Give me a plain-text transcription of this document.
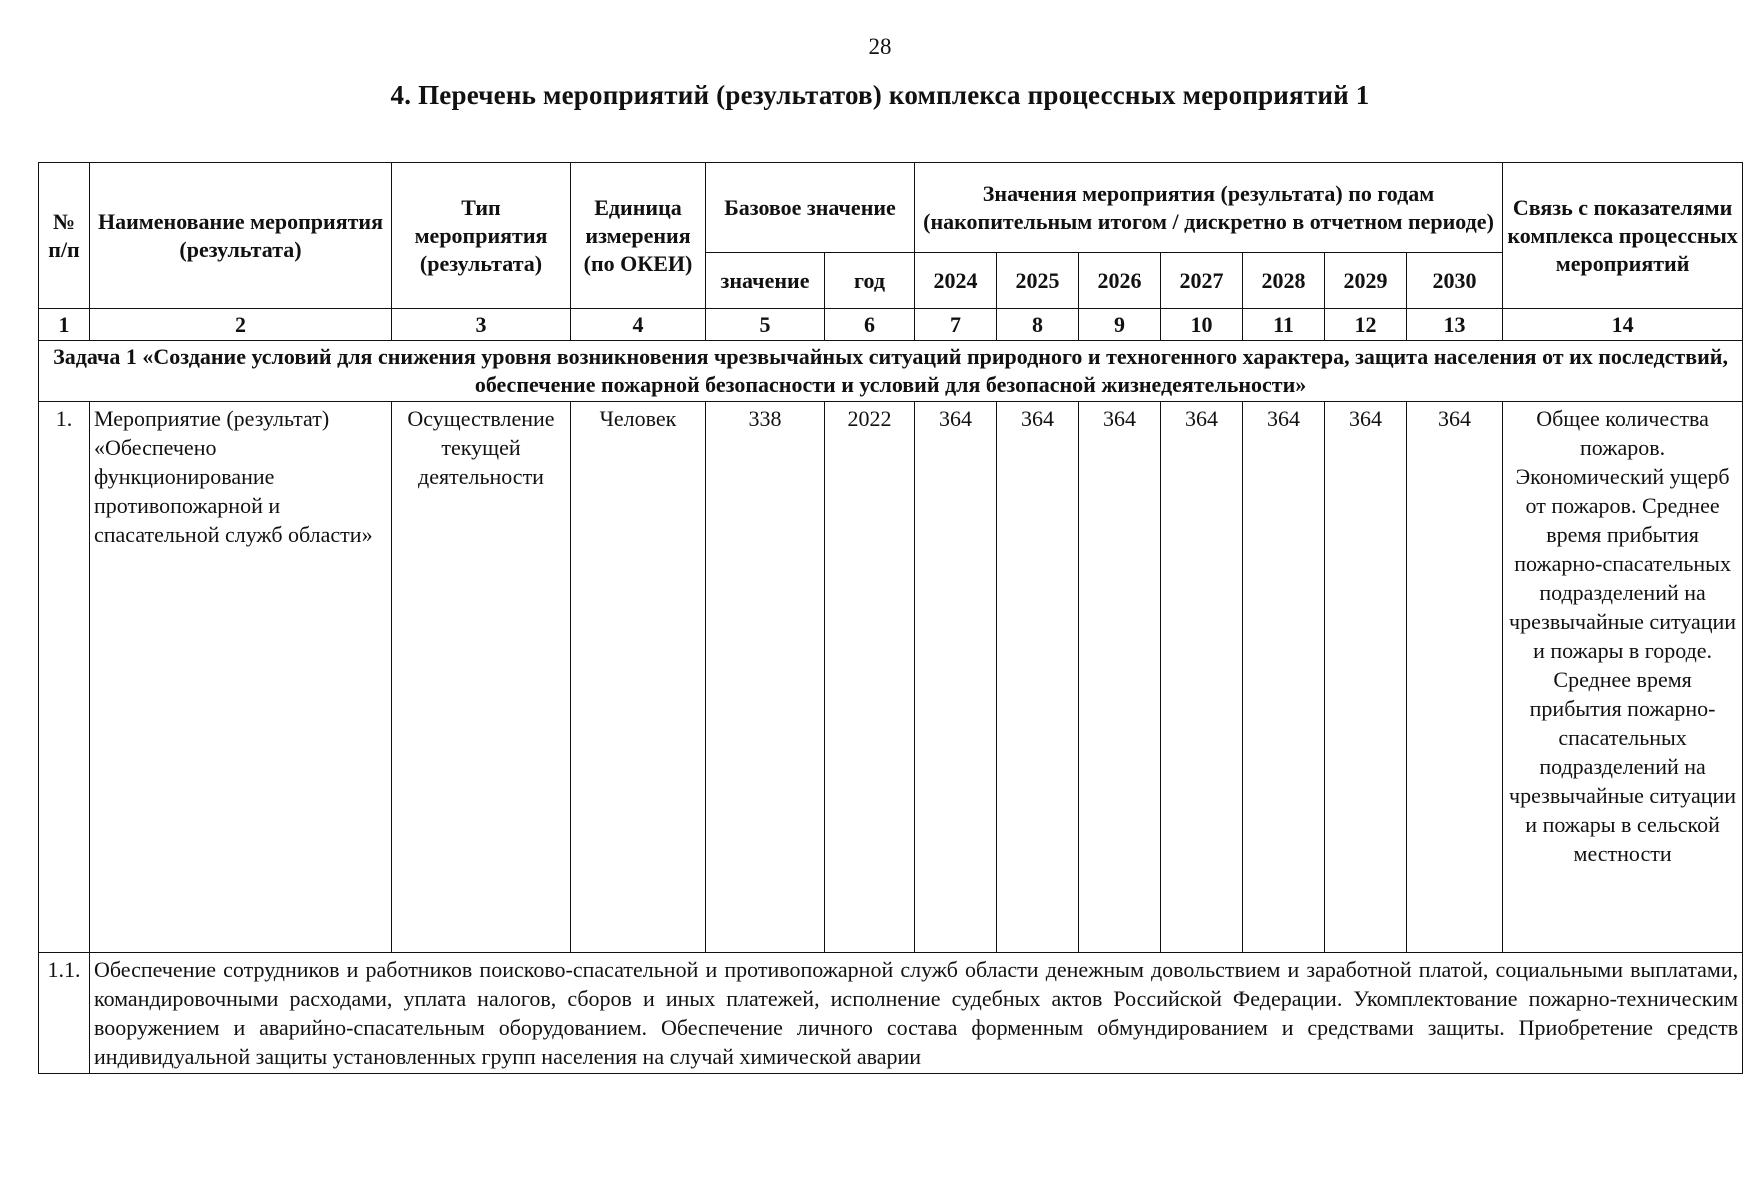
28
4. Перечень мероприятий (результатов) комплекса процессных мероприятий 1
№ п/п	Наименование мероприятия (результата)	Тип мероприятия (результата)	Единица измерения (по ОКЕИ)	Базовое значение		Значения мероприятия (результата) по годам (накопительным итогом / дискретно в отчетном периоде)							Связь с показателями комплекса процессных мероприятий
				значение	год	2024	2025	2026	2027	2028	2029	2030	
1	2	3	4	5	6	7	8	9	10	11	12	13	14
Задача 1 «Создание условий для снижения уровня возникновения чрезвычайных ситуаций природного и техногенного характера, защита населения от их последствий, обеспечение пожарной безопасности и условий для безопасной жизнедеятельности»													
1.	Мероприятие (результат) «Обеспечено функционирование противопожарной и спасательной служб области»	Осуществление текущей деятельности	Человек	338	2022	364	364	364	364	364	364	364	Общее количества пожаров. Экономический ущерб от пожаров. Среднее время прибытия пожарно-спасательных подразделений на чрезвычайные ситуации и пожары в городе. Среднее время прибытия пожарно-спасательных подразделений на чрезвычайные ситуации и пожары в сельской местности
1.1.	Обеспечение сотрудников и работников поисково-спасательной и противопожарной служб области денежным довольствием и заработной платой, социальными выплатами, командировочными расходами, уплата налогов, сборов и иных платежей, исполнение судебных актов Российской Федерации. Укомплектование пожарно-техническим вооружением и аварийно-спасательным оборудованием. Обеспечение личного состава форменным обмундированием и средствами защиты. Приобретение средств индивидуальной защиты установленных групп населения на случай химической аварии												
